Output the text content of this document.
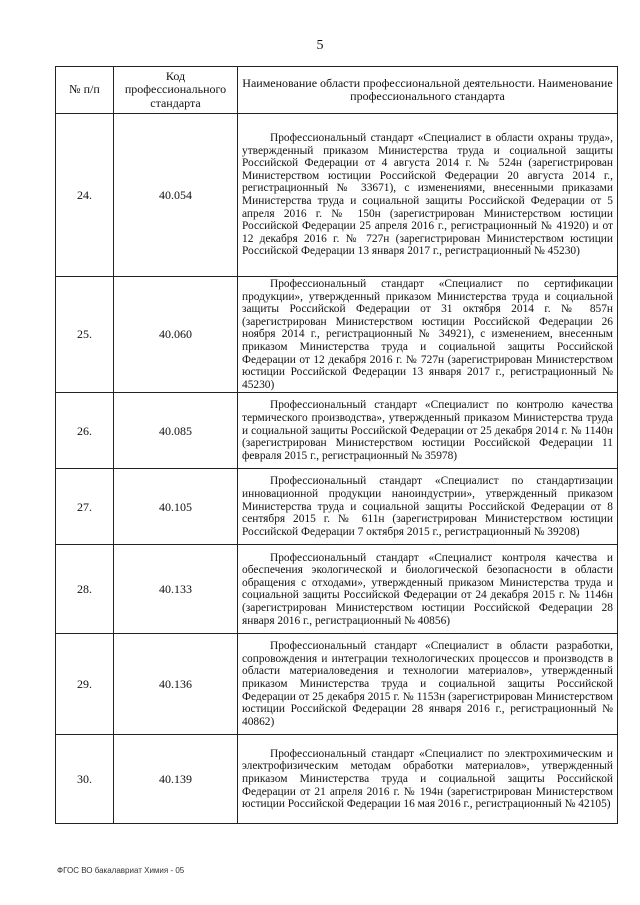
5
№ п/п	Код профессионального стандарта	Наименование области профессиональной деятельности. Наименование профессионального стандарта
24.	40.054	Профессиональный стандарт «Специалист в области охраны труда», утвержденный приказом Министерства труда и социальной защиты Российской Федерации от 4 августа 2014 г. № 524н (зарегистрирован Министерством юстиции Российской Федерации 20 августа 2014 г., регистрационный № 33671), с изменениями, внесенными приказами Министерства труда и социальной защиты Российской Федерации от 5 апреля 2016 г. № 150н (зарегистрирован Министерством юстиции Российской Федерации 25 апреля 2016 г., регистрационный № 41920) и от 12 декабря 2016 г. № 727н (зарегистрирован Министерством юстиции Российской Федерации 13 января 2017 г., регистрационный № 45230)

25.	40.060	Профессиональный стандарт «Специалист по сертификации продукции», утвержденный приказом Министерства труда и социальной защиты Российской Федерации от 31 октября 2014 г. № 857н (зарегистрирован Министерством юстиции Российской Федерации 26 ноября 2014 г., регистрационный № 34921), с изменением, внесенным приказом Министерства труда и социальной защиты Российской Федерации от 12 декабря 2016 г. № 727н (зарегистрирован Министерством юстиции Российской Федерации 13 января 2017 г., регистрационный № 45230)

26.	40.085	Профессиональный стандарт «Специалист по контролю качества термического производства», утвержденный приказом Министерства труда и социальной защиты Российской Федерации от 25 декабря 2014 г. № 1140н (зарегистрирован Министерством юстиции Российской Федерации 11 февраля 2015 г., регистрационный № 35978)

27.	40.105	Профессиональный стандарт «Специалист по стандартизации инновационной продукции наноиндустрии», утвержденный приказом Министерства труда и социальной защиты Российской Федерации от 8 сентября 2015 г. № 611н (зарегистрирован Министерством юстиции Российской Федерации 7 октября 2015 г., регистрационный № 39208)

28.	40.133	Профессиональный стандарт «Специалист контроля качества и обеспечения экологической и биологической безопасности в области обращения с отходами», утвержденный приказом Министерства труда и социальной защиты Российской Федерации от 24 декабря 2015 г. № 1146н (зарегистрирован Министерством юстиции Российской Федерации 28 января 2016 г., регистрационный № 40856)

29.	40.136	Профессиональный стандарт «Специалист в области разработки, сопровождения и интеграции технологических процессов и производств в области материаловедения и технологии материалов», утвержденный приказом Министерства труда и социальной защиты Российской Федерации от 25 декабря 2015 г. № 1153н (зарегистрирован Министерством юстиции Российской Федерации 28 января 2016 г., регистрационный № 40862)

30.	40.139	Профессиональный стандарт «Специалист по электрохимическим и электрофизическим методам обработки материалов», утвержденный приказом Министерства труда и социальной защиты Российской Федерации от 21 апреля 2016 г. № 194н (зарегистрирован Министерством юстиции Российской Федерации 16 мая 2016 г., регистрационный № 42105)

ФГОС ВО бакалавриат Химия - 05
